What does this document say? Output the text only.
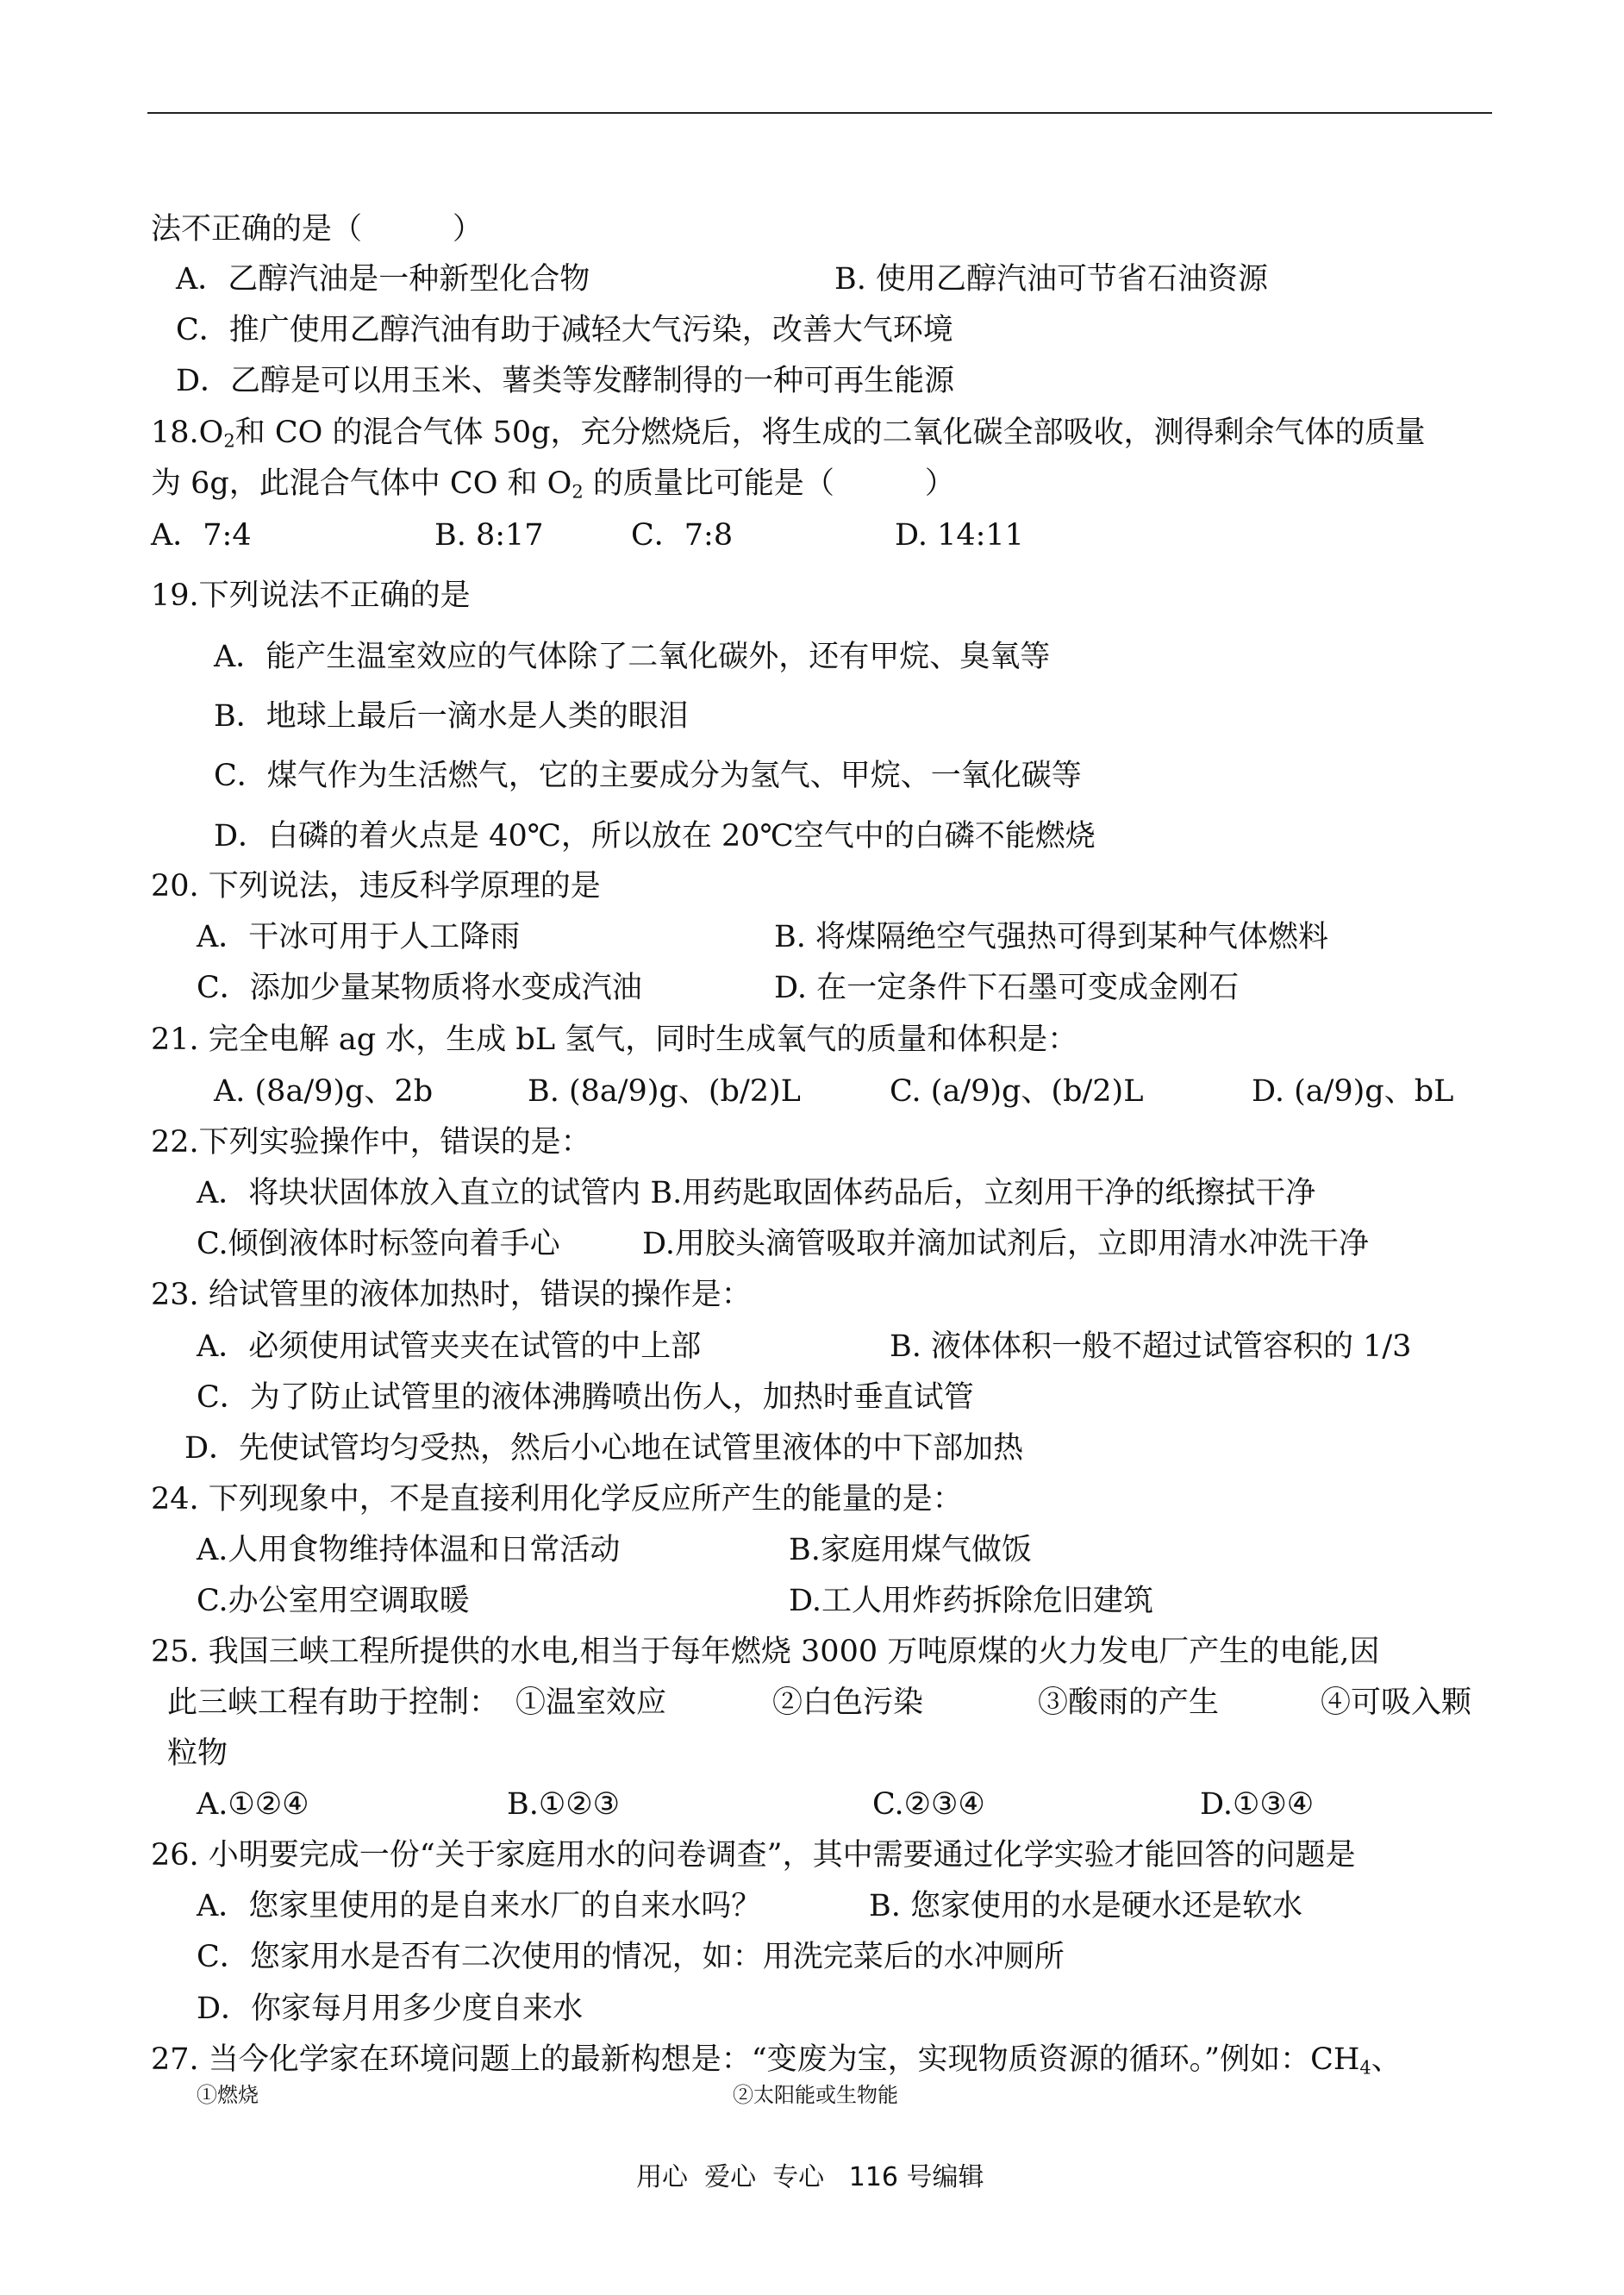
法不正确的是（　　　）
A．乙醇汽油是一种新型化合物	B. 使用乙醇汽油可节省石油资源
C．推广使用乙醇汽油有助于减轻大气污染，改善大气环境
D．乙醇是可以用玉米、薯类等发酵制得的一种可再生能源
$18.O_2$和 CO 的混合气体 50g，充分燃烧后，将生成的二氧化碳全部吸收，测得剩余气体的质量
为 6g，此混合气体中 CO 和 $O_2$ 的质量比可能是（　　　）
A．7:4	B. 8:17	C．7:8	D. 14:11
19.下列说法不正确的是
A．能产生温室效应的气体除了二氧化碳外，还有甲烷、臭氧等
B．地球上最后一滴水是人类的眼泪
C．煤气作为生活燃气，它的主要成分为氢气、甲烷、一氧化碳等
D．白磷的着火点是 40℃，所以放在 20℃空气中的白磷不能燃烧
20. 下列说法，违反科学原理的是
A．干冰可用于人工降雨	B. 将煤隔绝空气强热可得到某种气体燃料
C．添加少量某物质将水变成汽油	D. 在一定条件下石墨可变成金刚石
21. 完全电解 ag 水，生成 bL 氢气，同时生成氧气的质量和体积是：
A. (8a/9)g、2b	B. (8a/9)g、(b/2)L	C. (a/9)g、(b/2)L	D. (a/9)g、bL
22.下列实验操作中，错误的是：
A．将块状固体放入直立的试管内 B.用药匙取固体药品后，立刻用干净的纸擦拭干净
C.倾倒液体时标签向着手心	D.用胶头滴管吸取并滴加试剂后，立即用清水冲洗干净
23. 给试管里的液体加热时，错误的操作是：
A．必须使用试管夹夹在试管的中上部	B. 液体体积一般不超过试管容积的 1/3
C．为了防止试管里的液体沸腾喷出伤人，加热时垂直试管
D．先使试管均匀受热，然后小心地在试管里液体的中下部加热
24. 下列现象中，不是直接利用化学反应所产生的能量的是：
A.人用食物维持体温和日常活动	B.家庭用煤气做饭
C.办公室用空调取暖	D.工人用炸药拆除危旧建筑
25. 我国三峡工程所提供的水电,相当于每年燃烧 3000 万吨原煤的火力发电厂产生的电能,因
此三峡工程有助于控制： ①温室效应	②白色污染	③酸雨的产生	④可吸入颗
粒物
A.①②④	B.①②③	C.②③④	D.①③④
26. 小明要完成一份“关于家庭用水的问卷调查”，其中需要通过化学实验才能回答的问题是
A．您家里使用的是自来水厂的自来水吗？	B. 您家使用的水是硬水还是软水
C．您家用水是否有二次使用的情况，如：用洗完菜后的水冲厕所
D．你家每月用多少度自来水
27. 当今化学家在环境问题上的最新构想是：“变废为宝，实现物质资源的循环。”例如：$CH_4$、
①燃烧	②太阳能或生物能
用心  爱心  专心   116 号编辑
